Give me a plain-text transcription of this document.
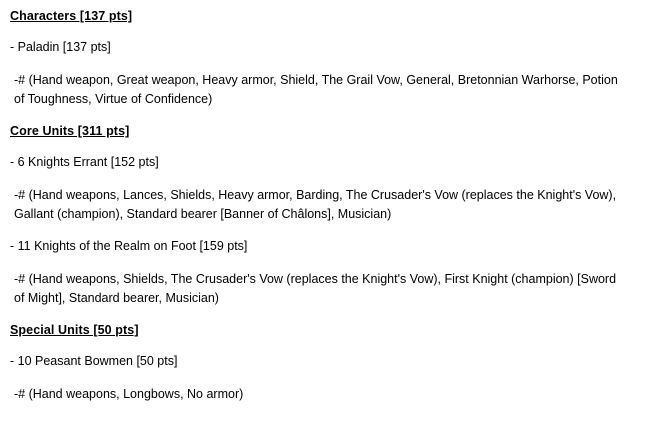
Characters [137 pts]
- Paladin [137 pts]
-# (Hand weapon, Great weapon, Heavy armor, Shield, The Grail Vow, General, Bretonnian Warhorse, Potion of Toughness, Virtue of Confidence)
Core Units [311 pts]
- 6 Knights Errant [152 pts]
-# (Hand weapons, Lances, Shields, Heavy armor, Barding, The Crusader's Vow (replaces the Knight's Vow), Gallant (champion), Standard bearer [Banner of Châlons], Musician)
- 11 Knights of the Realm on Foot [159 pts]
-# (Hand weapons, Shields, The Crusader's Vow (replaces the Knight's Vow), First Knight (champion) [Sword of Might], Standard bearer, Musician)
Special Units [50 pts]
- 10 Peasant Bowmen [50 pts]
-# (Hand weapons, Longbows, No armor)
